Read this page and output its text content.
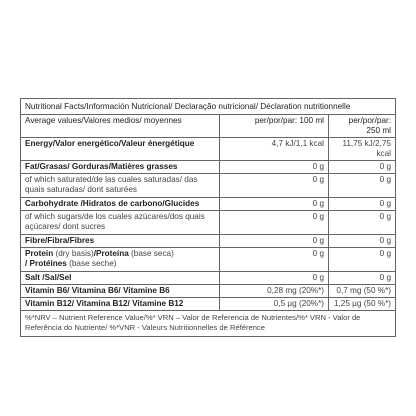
Nutritional Facts/Información Nutricional/ Declaração nutricional/ Déclaration nutritionnelle
Average values/Valores medios/ moyennes	per/por/par: 100 ml	per/por/par: 250 ml
Energy/Valor energético/Valeur énergétique	4,7 kJ/1,1 kcal	11,75 kJ/2,75 kcal
Fat/Grasas/ Gorduras/Matières grasses	0 g	0 g
of which saturated/de las cuales saturadas/ das quais saturadas/ dont saturées	0 g	0 g
Carbohydrate /Hidratos de carbono/Glucides	0 g	0 g
of which sugars/de los cuales azúcares/dos quais açúcares/ dont sucres	0 g	0 g
Fibre/Fibra/Fibres	0 g	0 g
Protein (dry basis)/Proteína (base seca)
/ Protéines (base seche)	0 g	0 g
Salt /Sal/Sel	0 g	0 g
Vitamin B6/ Vitamina B6/ Vitamine B6	0,28 mg (20%*)	0,7 mg (50 %*)
Vitamin B12/ Vitamina B12/ Vitamine B12	0,5 µg (20%*)	1,25 µg (50 %*)
%*NRV – Nutrient Reference Value/%* VRN – Valor de Referencia de Nutrientes/%* VRN - Valor de Referência do Nutriente/ %*VNR - Valeurs Nutritionnelles de Référence
